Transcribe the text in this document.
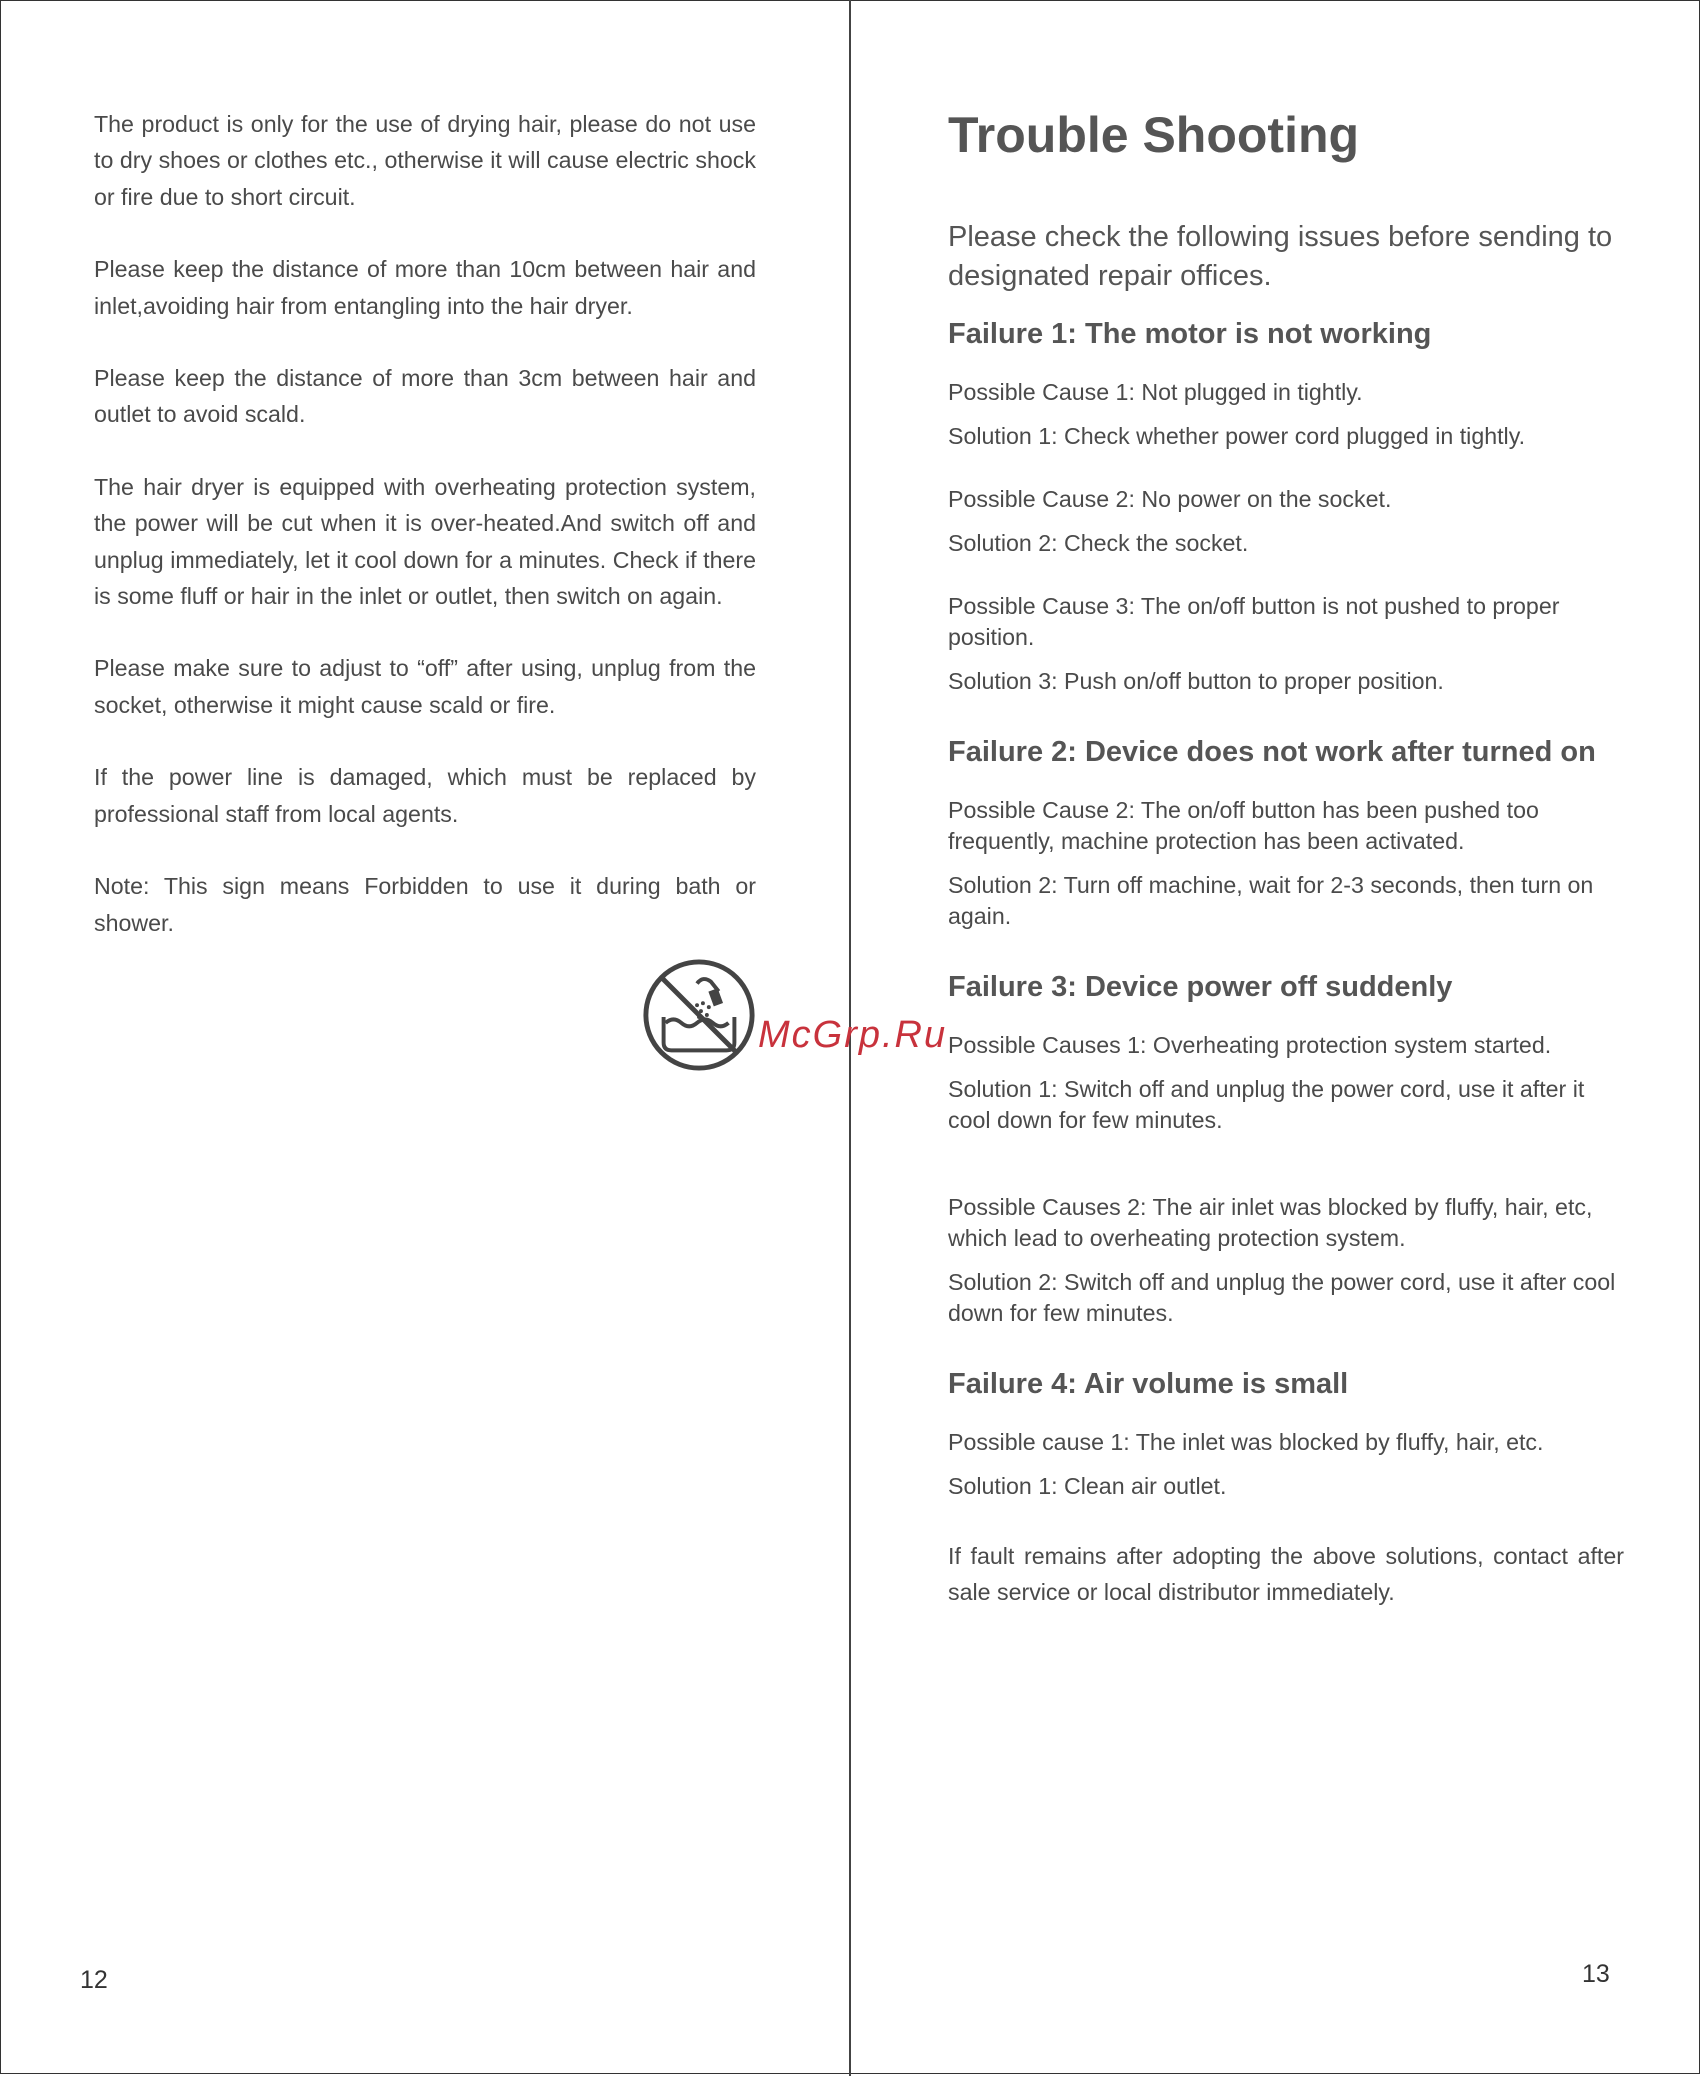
The product is only for the use of drying hair, please do not use to dry shoes or clothes etc., otherwise it will cause electric shock or fire due to short circuit.

Please keep the distance of more than 10cm between hair and inlet,avoiding hair from entangling into the hair dryer.

Please keep the distance of more than 3cm between hair and outlet to avoid scald.

The hair dryer is equipped with overheating protection system, the power will be cut when it is over-heated.And switch off and unplug immediately, let it cool down for a minutes. Check if there is some fluff or hair in the inlet or outlet, then switch on again.

Please make sure to adjust to “off” after using, unplug from the socket, otherwise it might cause scald or fire.

If the power line is damaged, which must be replaced by professional staff from local agents.

Note: This sign means Forbidden to use it during bath or shower.

12
McGrp.Ru
Trouble Shooting

Please check the following issues before sending to designated repair offices.

Failure 1: The motor is not working

Possible Cause 1: Not plugged in tightly.

Solution 1: Check whether power cord plugged in tightly.

Possible Cause 2: No power on the socket.

Solution 2: Check the socket.

Possible Cause 3: The on/off button is not pushed to proper position.

Solution 3: Push on/off button to proper position.

Failure 2: Device does not work after turned on

Possible Cause 2: The on/off button has been pushed too frequently, machine protection has been activated.

Solution 2: Turn off machine, wait for 2-3 seconds, then turn on again.

Failure 3: Device power off suddenly

Possible Causes 1: Overheating protection system started.

Solution 1: Switch off and unplug the power cord, use it after it cool down for few minutes.

Possible Causes 2: The air inlet was blocked by fluffy, hair, etc, which lead to overheating protection system.

Solution 2: Switch off and unplug the power cord, use it after cool down for few minutes.

Failure 4: Air volume is small

Possible cause 1: The inlet was blocked by fluffy, hair, etc.

Solution 1: Clean air outlet.

If fault remains after adopting the above solutions, contact after sale service or local distributor immediately.

13
